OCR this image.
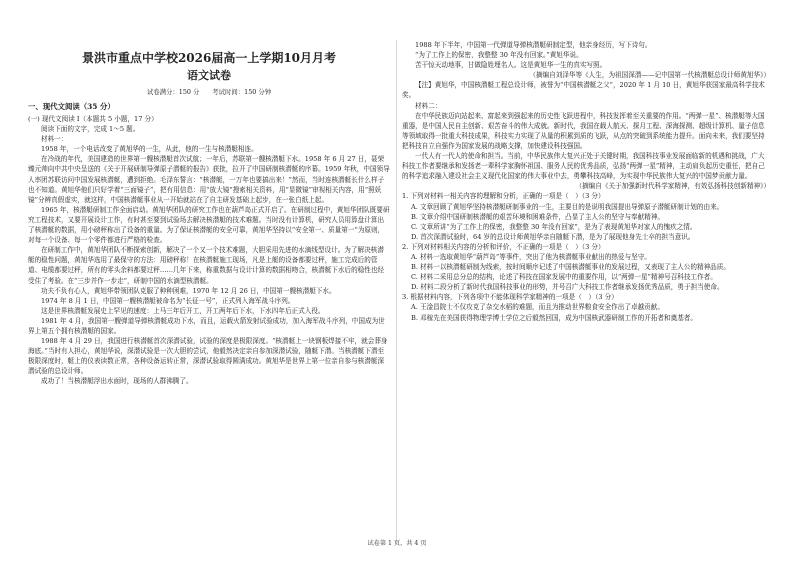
景洪市重点中学校2026届高一上学期10月月考
语文试卷
试卷满分：150 分　　考试时间：150 分钟
一、现代文阅读（35 分）

(一) 现代文阅读 Ⅰ（本题共 5 小题，17 分）

阅读下面的文字，完成 1～5 题。

材料一：

1958 年，一个电话改变了黄旭华的一生，从此，他的一生与核潜艇相连。

在冷战的年代，美国建造的世界第一艘核潜艇首次试航；一年后，苏联第一艘核潜艇下水。1958 年 6 月 27 日，聂荣臻元帅向中共中央呈送的《关于开展研制导弹原子潜艇的报告》获批，拉开了中国研制核潜艇的序幕。1959 年秋，中国领导人率团苏联访问中国发展核潜艇，遭到拒绝。毛泽东誓言：“核潜艇，一万年也要搞出来！”然而，当时连核潜艇长什么样子也不知道。黄旭华他们只好学着“三面镜子”，把有用信息：用“放大镜”搜索相关资料，用“显微镜”审视相关内容，用“照妖镜”分辨真假虚实，就这样，中国核潜艇事业从一开始就站在了自主研发基础上起步，在一张白纸上起。

1965 年，核潜艇研制工作全面启动。黄旭华团队的研究工作也在葫芦岛正式开启了。在研制过程中，黄旭华团队既要研究工程技术，又要开展设计工作，有时甚至要到试验场去解决核潜艇的技术难题。当时没有计算机，研究人员用算盘计算出了核潜艇的数据，用小磅秤称出了设备的重量。为了保证核潜艇的安全可靠，黄旭华坚持以“安全第一、质量第一”为原则，对每一个设备、每一个零件都进行严格的检查。

在研制工作中，黄旭华团队不断探索创新，解决了一个又一个技术难题，大胆采用先进的水滴线型设计。为了解决核潜艇的稳性问题，黄旭华选用了最保守的方法：用磅秤称！在核潜艇施工现场，凡是上艇的设备都要过秤，施工完成后的管道、电缆都要过秤，所有的零头余料都要过秤……几年下来，称重数据与设计计算的数据相吻合，核潜艇下水后的稳性也经受住了考验。在“三步并作一步走”，研制中国的水滴型核潜艇。

功夫不负有心人，黄旭华带领团队克服了种种困难，1970 年 12 月 26 日，中国第一艘核潜艇下水。

1974 年 8 月 1 日，中国第一艘核潜艇被命名为“长征一号”，正式列入海军战斗序列。

这是世界核潜艇发展史上罕见的速度：上马三年后开工，开工两年后下水，下水四年后正式入役。

1981 年 4 月，我国第一艘弹道导弹核潜艇成功下水，而且，运载火箭发射试验成功，加入海军战斗序列，中国成为世界上第五个拥有核潜艇的国家。

1988 年 4 月 29 日，我国进行核潜艇首次深潜试验，试验的深度是极限深度。“核潜艇上一块钢板焊接不牢，就会葬身海底。”当时有人担心，黄旭华说，深潜试验是一次大胆的尝试，他毅然决定亲自参加深潜试验，随艇下潜。当核潜艇下潜至极限深度时，艇上的仪表读数正常，各种设备运转正常，深潜试验取得圆满成功。黄旭华是世界上第一位亲自参与核潜艇深潜试验的总设计师。

成功了！当核潜艇浮出水面时，现场的人群沸腾了。

1988 年下半年，中国第一代弹道导弹核潜艇研制定型，他亲身经历，写下诗句。

“为了工作上的保密，我整整 30 年没有回家。”黄旭华说。

苦干惊天动地事，甘做隐姓埋名人。这是黄旭华一生的真实写照。

（摘编自刘泽华等《人生，为祖国深潜——记中国第一代核潜艇总设计师黄旭华》）

【注】黄旭华，中国核潜艇工程总设计师，被誉为“中国核潜艇之父”，2020 年 1 月 10 日，黄旭华获国家最高科学技术奖。

材料二：

在中华民族迈向站起来、富起来到强起来的历史性飞跃进程中，科技发挥着至关重要的作用。“两弹一星”、核潜艇等大国重器，是中国人民自主创新、艰苦奋斗的伟大成就。新时代，我国在载人航天、探月工程、深海探测、超级计算机、量子信息等领域取得一批重大科技成果，科技实力实现了从量的积累到质的飞跃，从点的突破到系统能力提升。面向未来，我们要坚持把科技自立自强作为国家发展的战略支撑，加快建设科技强国。

一代人有一代人的使命和担当。当前，中华民族伟大复兴正处于关键时期，我国科技事业发展面临新的机遇和挑战，广大科技工作者要继承和发扬老一辈科学家胸怀祖国、服务人民的优秀品质，弘扬“两弹一星”精神，主动肩负起历史重任，把自己的科学追求融入建设社会主义现代化国家的伟大事业中去，勇攀科技高峰，为实现中华民族伟大复兴的中国梦贡献力量。

（摘编自《关于加强新时代科学家精神，有效弘扬科技创新精神》）

1. 下列对材料一相关内容的理解和分析，正确的一项是（　）（3 分）

A. 文章回顾了黄旭华坚持核潜艇研制事业的一生，主要目的是说明我国提出导弹原子潜艇研制计划的由来。

B. 文章介绍中国研制核潜艇的艰苦环境和困难条件，凸显了主人公的坚守与奉献精神。

C. 文章所讲“为了工作上的保密，我整整 30 年没有回家”，是为了表现黄旭华对家人的愧疚之情。

D. 首次深潜试验时，64 岁的总设计师黄旭华亲自随艇下潜，是为了展现他身先士卒的担当意识。

2. 下列对材料相关内容的分析和评价，不正确的一项是（　）（3 分）

A. 材料一选取黄旭华“葫芦岛”等事件，突出了他为核潜艇事业献出的热爱与坚守。

B. 材料一以核潜艇研制为线索，按时间顺序记述了中国核潜艇事业的发展过程，又表现了主人公的精神品质。

C. 材料二采用总分总的结构，论述了科技在国家发展中的重要作用，以“两弹一星”精神号召科技工作者。

D. 材料二段分析了新时代我国科技事业的形势，并号召广大科技工作者继承发扬优秀品质，勇于担当使命。

3. 根据材料内容，下列各项中不能体现科学家精神的一项是（　）（3 分）

A. 王淦昌院士不仅攻克了杂交水稻的难题，而且为推动世界粮食安全作出了卓越贡献。

B. 邓稼先在美国获得物理学博士学位之后毅然回国，成为中国核武器研制工作的开拓者和奠基者。

试卷第 1 页，共 4 页
